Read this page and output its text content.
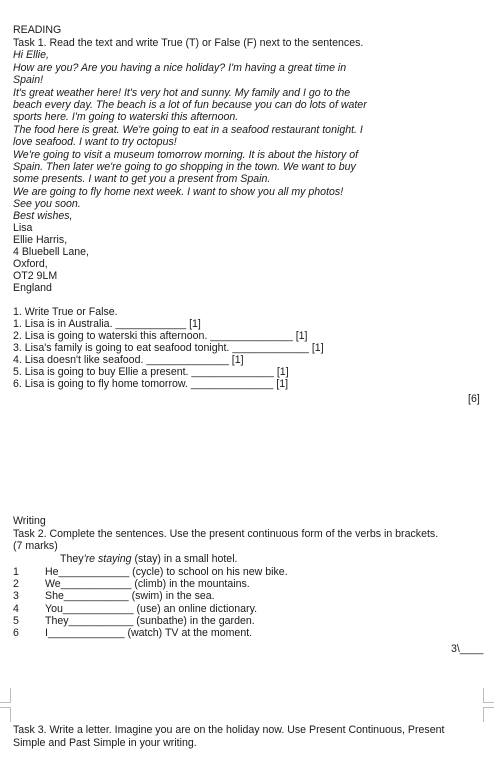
READING
Task 1. Read the text and write True (T) or False (F) next to the sentences.
Hi Ellie,
How are you? Are you having a nice holiday? I'm having a great time in
Spain!
It's great weather here! It's very hot and sunny. My family and I go to the
beach every day. The beach is a lot of fun because you can do lots of water
sports here. I'm going to waterski this afternoon.
The food here is great. We're going to eat in a seafood restaurant tonight. I
love seafood. I want to try octopus!
We're going to visit a museum tomorrow morning. It is about the history of
Spain. Then later we're going to go shopping in the town. We want to buy
some presents. I want to get you a present from Spain.
We are going to fly home next week. I want to show you all my photos!
See you soon.
Best wishes,
Lisa
Ellie Harris,
4 Bluebell Lane,
Oxford,
OT2 9LM
England
1. Write True or False.
1. Lisa is in Australia. ____________ [1]
2. Lisa is going to waterski this afternoon. ______________ [1]
3. Lisa's family is going to eat seafood tonight. _____________ [1]
4. Lisa doesn't like seafood. ______________ [1]
5. Lisa is going to buy Ellie a present. ______________ [1]
6. Lisa is going to fly home tomorrow. ______________ [1]
[6]
Writing
Task 2. Complete the sentences. Use the present continuous form of the verbs in brackets.
(7 marks)
They're staying (stay) in a small hotel.
1	He____________ (cycle) to school on his new bike.
2	We____________ (climb) in the mountains.
3	She___________ (swim) in the sea.
4	You____________ (use) an online dictionary.
5	They___________ (sunbathe) in the garden.
6	I_____________ (watch) TV at the moment.
3\____
Task 3. Write a letter. Imagine you are on the holiday now. Use Present Continuous, Present
Simple and Past Simple in your writing.
